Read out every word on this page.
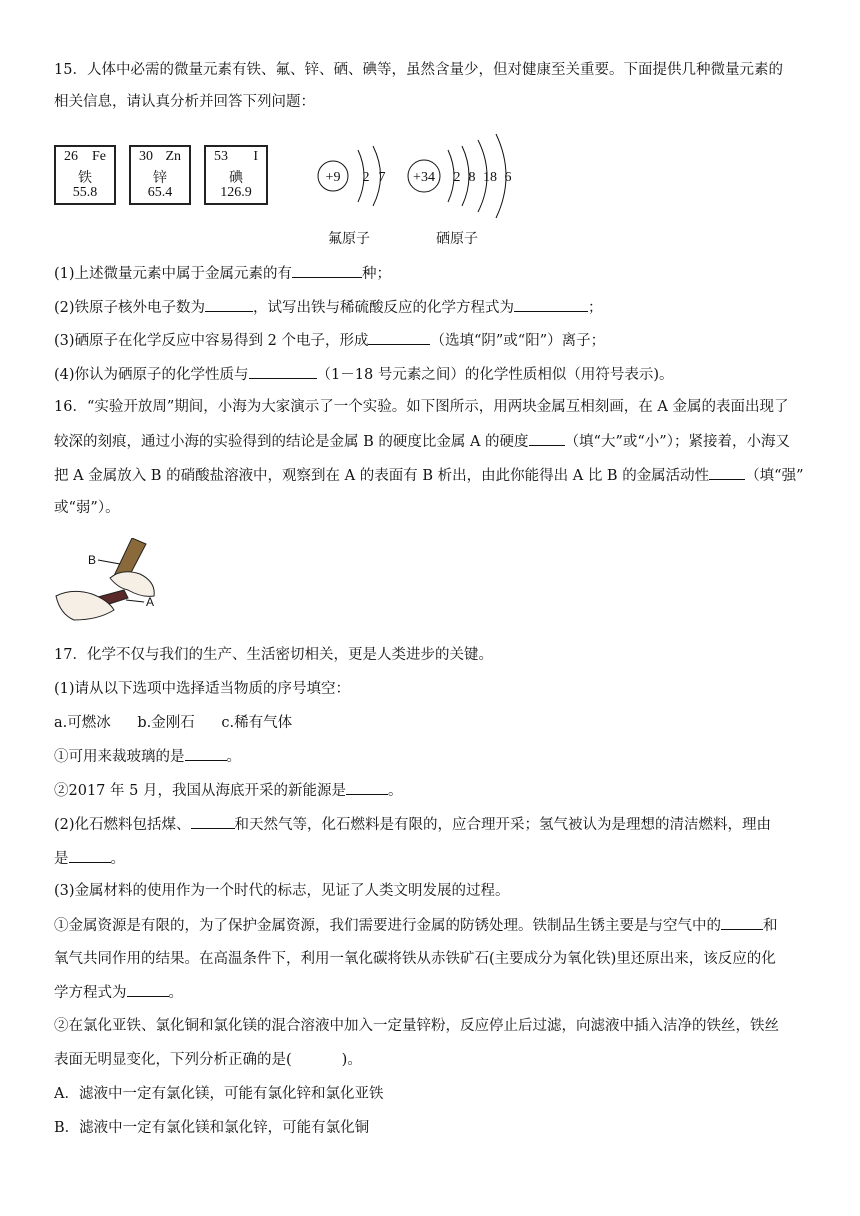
15．人体中必需的微量元素有铁、氟、锌、硒、碘等，虽然含量少，但对健康至关重要。下面提供几种微量元素的
相关信息，请认真分析并回答下列问题：
26 Fe
铁
55.8
30 Zn
锌
65.4
53 I
碘
126.9
+9 2 7 +34 2 8 18 6
氟原子	硒原子
(1)上述微量元素中属于金属元素的有	种；
(2)铁原子核外电子数为	，试写出铁与稀硫酸反应的化学方程式为	；
(3)硒原子在化学反应中容易得到 2 个电子，形成	（选填“阴”或“阳”）离子；
(4)你认为硒原子的化学性质与	（1－18 号元素之间）的化学性质相似（用符号表示)。
16．“实验开放周”期间，小海为大家演示了一个实验。如下图所示，用两块金属互相刻画，在 A 金属的表面出现了
较深的刻痕，通过小海的实验得到的结论是金属 B 的硬度比金属 A 的硬度 （填“大”或“小”）；紧接着，小海又
把 A 金属放入 B 的硝酸盐溶液中，观察到在 A 的表面有 B 析出，由此你能得出 A 比 B 的金属活动性 （填“强”
或“弱”）。
B
A
17．化学不仅与我们的生产、生活密切相关，更是人类进步的关键。
(1)请从以下选项中选择适当物质的序号填空：
a.可燃冰 b.金刚石 c.稀有气体
①可用来裁玻璃的是	。
②2017 年 5 月，我国从海底开采的新能源是	。
(2)化石燃料包括煤、	和天然气等，化石燃料是有限的，应合理开采；氢气被认为是理想的清洁燃料，理由
是	。
(3)金属材料的使用作为一个时代的标志，见证了人类文明发展的过程。
①金属资源是有限的，为了保护金属资源，我们需要进行金属的防锈处理。铁制品生锈主要是与空气中的	和
氧气共同作用的结果。在高温条件下，利用一氧化碳将铁从赤铁矿石(主要成分为氧化铁)里还原出来，该反应的化
学方程式为	。
②在氯化亚铁、氯化铜和氯化镁的混合溶液中加入一定量锌粉，反应停止后过滤，向滤液中插入洁净的铁丝，铁丝
表面无明显变化，下列分析正确的是(	)。
A．滤液中一定有氯化镁，可能有氯化锌和氯化亚铁
B．滤液中一定有氯化镁和氯化锌，可能有氯化铜
